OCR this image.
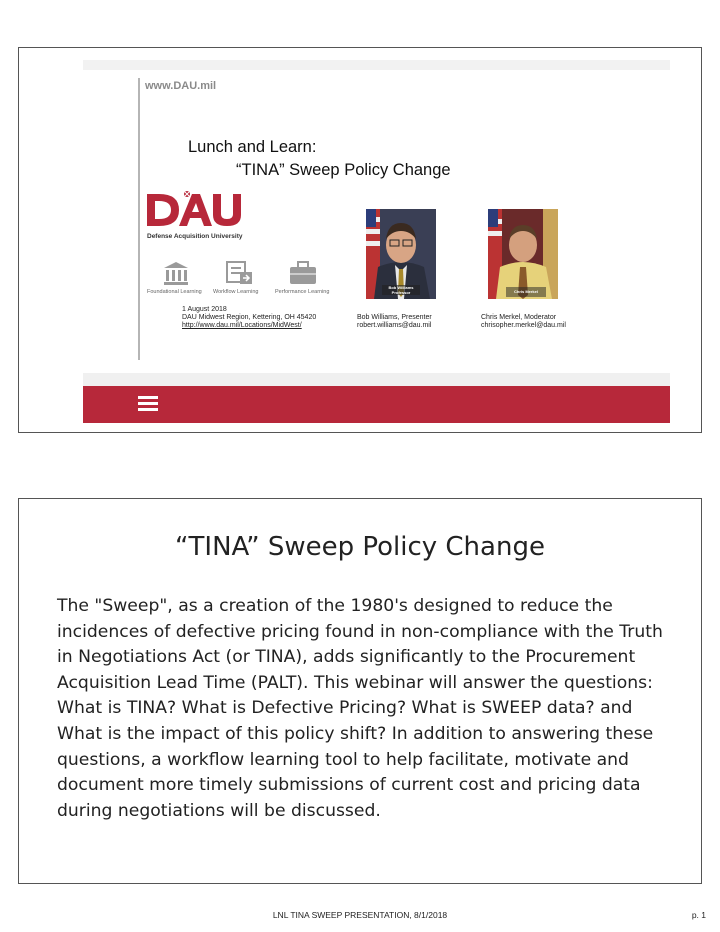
www.DAU.mil
Lunch and Learn:
“TINA” Sweep Policy Change
Defense Acquisition University
Foundational Learning Workflow Learning	Performance Learning
Bob Williams
Professor	Chris Merkel
1 August 2018
DAU Midwest Region, Kettering, OH 45420
http://www.dau.mil/Locations/MidWest/
Bob Williams, Presenter
robert.williams@dau.mil
Chris Merkel, Moderator
chrisopher.merkel@dau.mil
“TINA” Sweep Policy Change
The "Sweep", as a creation of the 1980's designed to reduce the incidences of defective pricing found in non-compliance with the Truth in Negotiations Act (or TINA), adds significantly to the Procurement Acquisition Lead Time (PALT). This webinar will answer the questions: What is TINA? What is Defective Pricing? What is SWEEP data? and What is the impact of this policy shift? In addition to answering these questions, a workflow learning tool to help facilitate, motivate and document more timely submissions of current cost and pricing data during negotiations will be discussed.
LNL TINA SWEEP PRESENTATION, 8/1/2018	p. 1
